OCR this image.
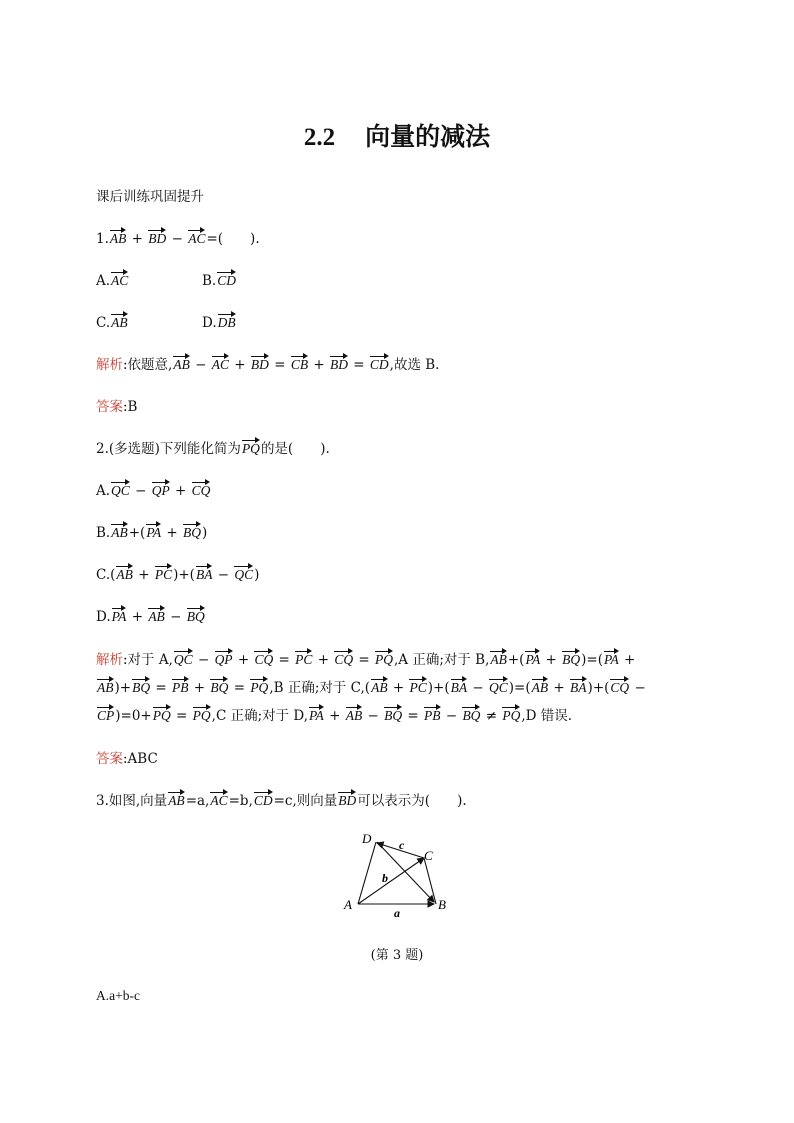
2.2 向量的减法
课后训练巩固提升
1.AB + BD − AC=(　　).
A.AC	B.CD
C.AB	D.DB
解析:依题意,AB − AC + BD = CB + BD = CD,故选 B.
答案:B
2.(多选题)下列能化简为PQ的是(　　).
A.QC − QP + CQ
B.AB+(PA + BQ)
C.(AB + PC)+(BA − QC)
D.PA + AB − BQ
解析:对于 A,QC − QP + CQ = PC + CQ = PQ,A 正确;对于 B,AB+(PA + BQ)=(PA +
AB)+BQ = PB + BQ = PQ,B 正确;对于 C,(AB + PC)+(BA − QC)=(AB + BA)+(CQ −
CP)=0+PQ = PQ,C 正确;对于 D,PA + AB − BQ = PB − BQ ≠ PQ,D 错误.
答案:ABC
3.如图,向量AB=a,AC=b,CD=c,则向量BD可以表示为(　　).
A	B
C
D
a
b
c
(第 3 题)
A.a+b-c
